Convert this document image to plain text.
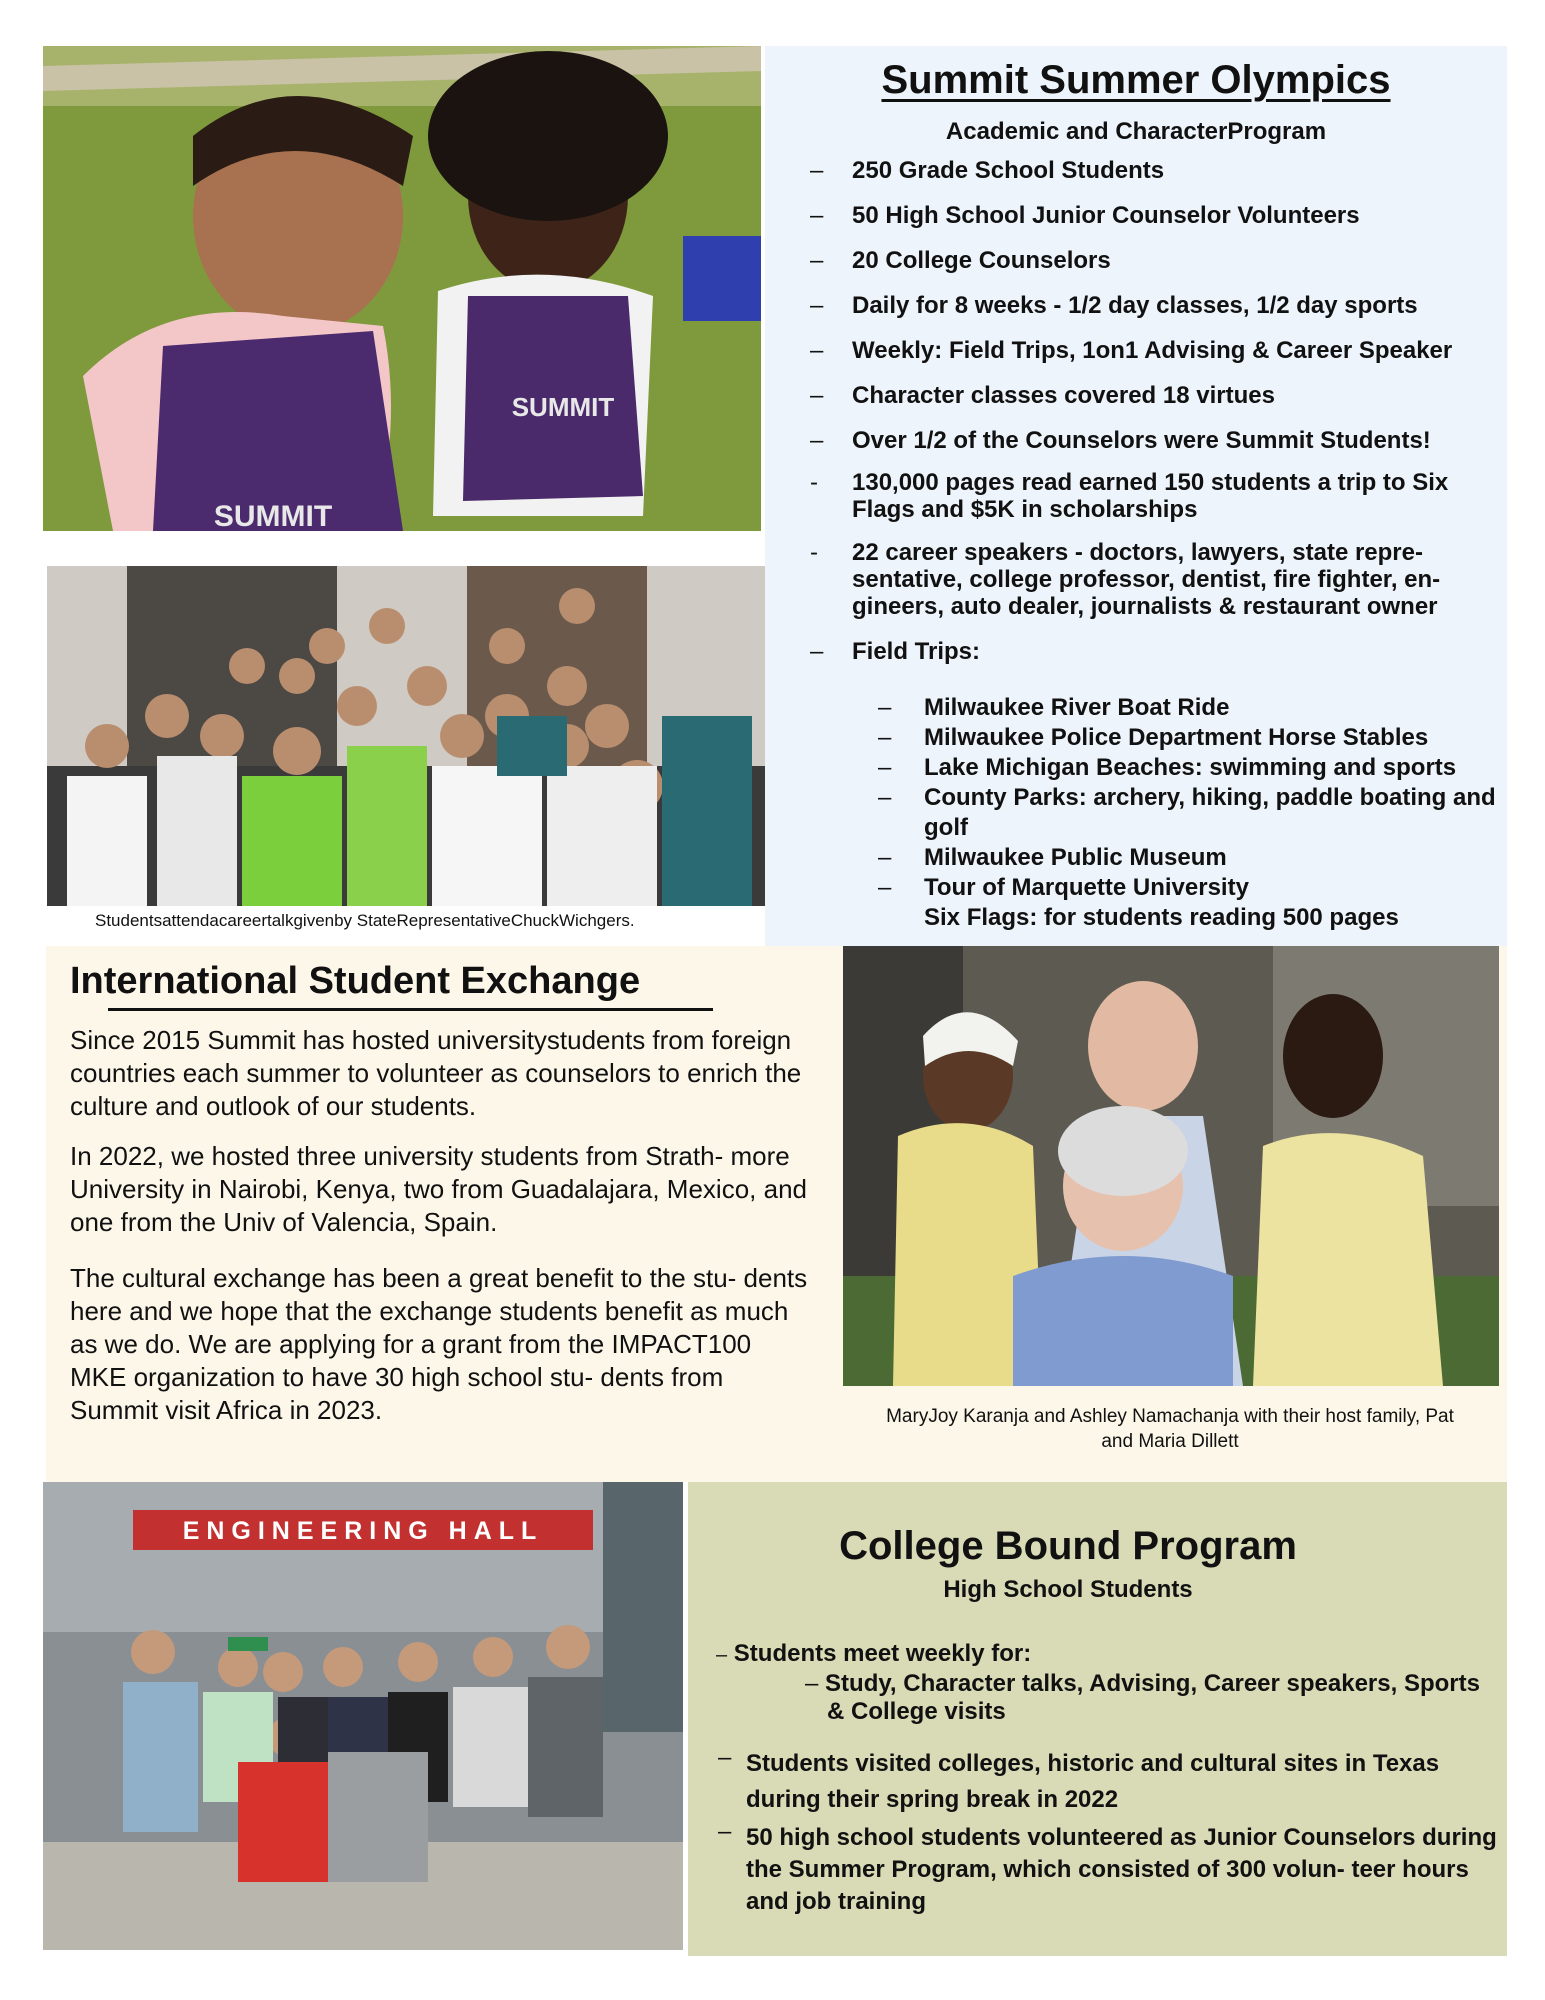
SUMMIT
SUMMIT
Studentsattendacareertalkgivenby StateRepresentativeChuckWichgers.
Summit Summer Olympics
Academic and CharacterProgram
– 250 Grade School Students
– 50 High School Junior Counselor Volunteers
– 20 College Counselors
– Daily for 8 weeks - 1/2 day classes, 1/2 day sports
– Weekly: Field Trips, 1on1 Advising & Career Speaker
– Character classes covered 18 virtues
– Over 1/2 of the Counselors were Summit Students!
- 130,000 pages read earned 150 students a trip to Six Flags and $5K in scholarships
- 22 career speakers - doctors, lawyers, state repre- sentative, college professor, dentist, fire fighter, en- gineers, auto dealer, journalists & restaurant owner
– Field Trips:
– Milwaukee River Boat Ride
– Milwaukee Police Department Horse Stables
– Lake Michigan Beaches: swimming and sports
– County Parks: archery, hiking, paddle boating and golf
– Milwaukee Public Museum
– Tour of Marquette University
Six Flags: for students reading 500 pages
International Student Exchange

Since 2015 Summit has hosted universitystudents from foreign countries each summer to volunteer as counselors to enrich the culture and outlook of our students.

In 2022, we hosted three university students from Strath- more University in Nairobi, Kenya, two from Guadalajara, Mexico, and one from the Univ of Valencia, Spain.

The cultural exchange has been a great benefit to the stu- dents here and we hope that the exchange students benefit as much as we do. We are applying for a grant from the IMPACT100 MKE organization to have 30 high school stu- dents from Summit visit Africa in 2023.	MaryJoy Karanja and Ashley Namachanja with their host family, Pat and Maria Dillett
ENGINEERING HALL	College Bound Program
High School Students
– Students meet weekly for:
– Study, Character talks, Advising, Career speakers, Sports & College visits
– Students visited colleges, historic and cultural sites in Texas during their spring break in 2022
– 50 high school students volunteered as Junior Counselors during the Summer Program, which consisted of 300 volun- teer hours and job training
